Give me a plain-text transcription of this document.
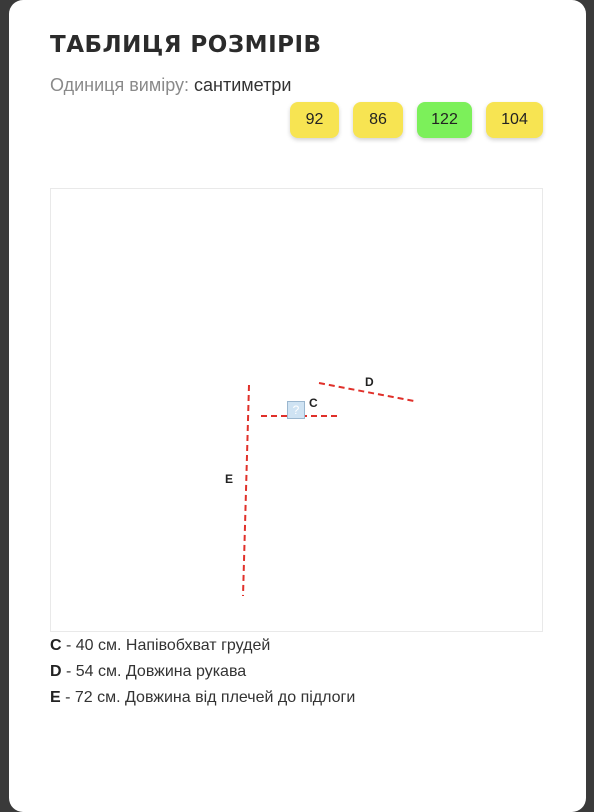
ТАБЛИЦЯ РОЗМІРІВ
Одиниця виміру: сантиметри
92	86	122	104
D
C
E
?
C - 40 см. Напівобхват грудей
D - 54 см. Довжина рукава
E - 72 см. Довжина від плечей до підлоги
